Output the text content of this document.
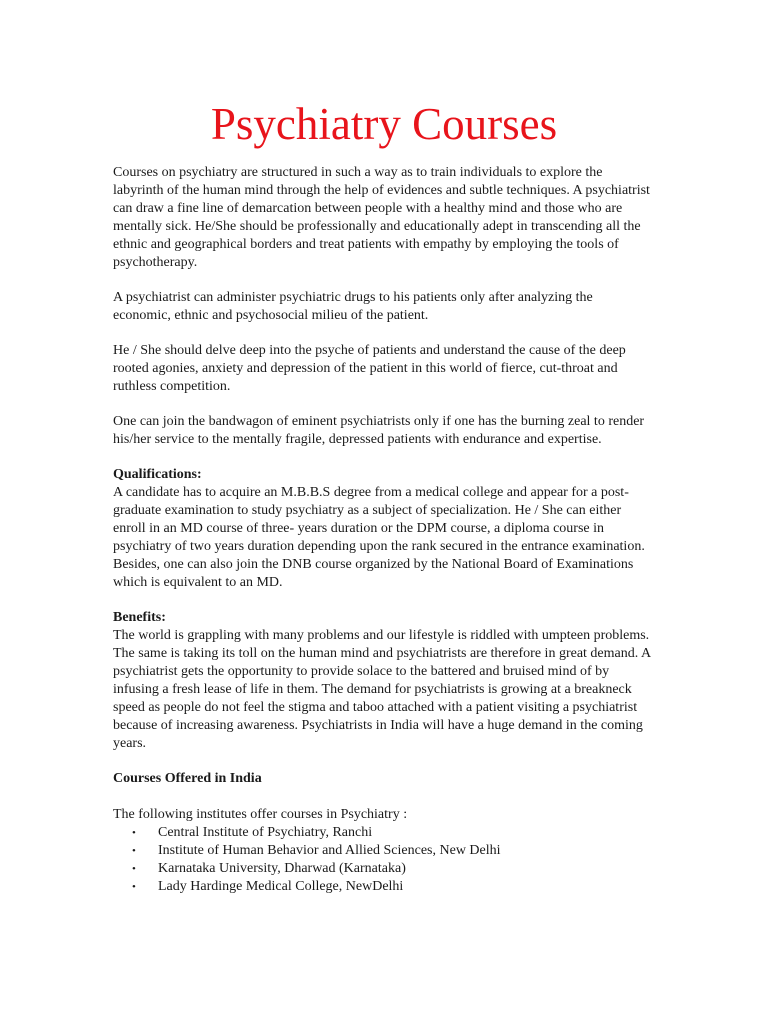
Psychiatry Courses

Courses on psychiatry are structured in such a way as to train individuals to explore the labyrinth of the human mind through the help of evidences and subtle techniques. A psychiatrist can draw a fine line of demarcation between people with a healthy mind and those who are mentally sick. He/She should be professionally and educationally adept in transcending all the ethnic and geographical borders and treat patients with empathy by employing the tools of psychotherapy.

A psychiatrist can administer psychiatric drugs to his patients only after analyzing the economic, ethnic and psychosocial milieu of the patient.

He / She should delve deep into the psyche of patients and understand the cause of the deep rooted agonies, anxiety and depression of the patient in this world of fierce, cut-throat and ruthless competition.

One can join the bandwagon of eminent psychiatrists only if one has the burning zeal to render his/her service to the mentally fragile, depressed patients with endurance and expertise.

Qualifications:
A candidate has to acquire an M.B.B.S degree from a medical college and appear for a post- graduate examination to study psychiatry as a subject of specialization. He / She can either enroll in an MD course of three- years duration or the DPM course, a diploma course in psychiatry of two years duration depending upon the rank secured in the entrance examination. Besides, one can also join the DNB course organized by the National Board of Examinations which is equivalent to an MD.
Benefits:
The world is grappling with many problems and our lifestyle is riddled with umpteen problems. The same is taking its toll on the human mind and psychiatrists are therefore in great demand. A psychiatrist gets the opportunity to provide solace to the battered and bruised mind of by infusing a fresh lease of life in them. The demand for psychiatrists is growing at a breakneck speed as people do not feel the stigma and taboo attached with a patient visiting a psychiatrist because of increasing awareness. Psychiatrists in India will have a huge demand in the coming years.
Courses Offered in India
The following institutes offer courses in Psychiatry :
• Central Institute of Psychiatry, Ranchi
• Institute of Human Behavior and Allied Sciences, New Delhi
• Karnataka University, Dharwad (Karnataka)
• Lady Hardinge Medical College, NewDelhi
